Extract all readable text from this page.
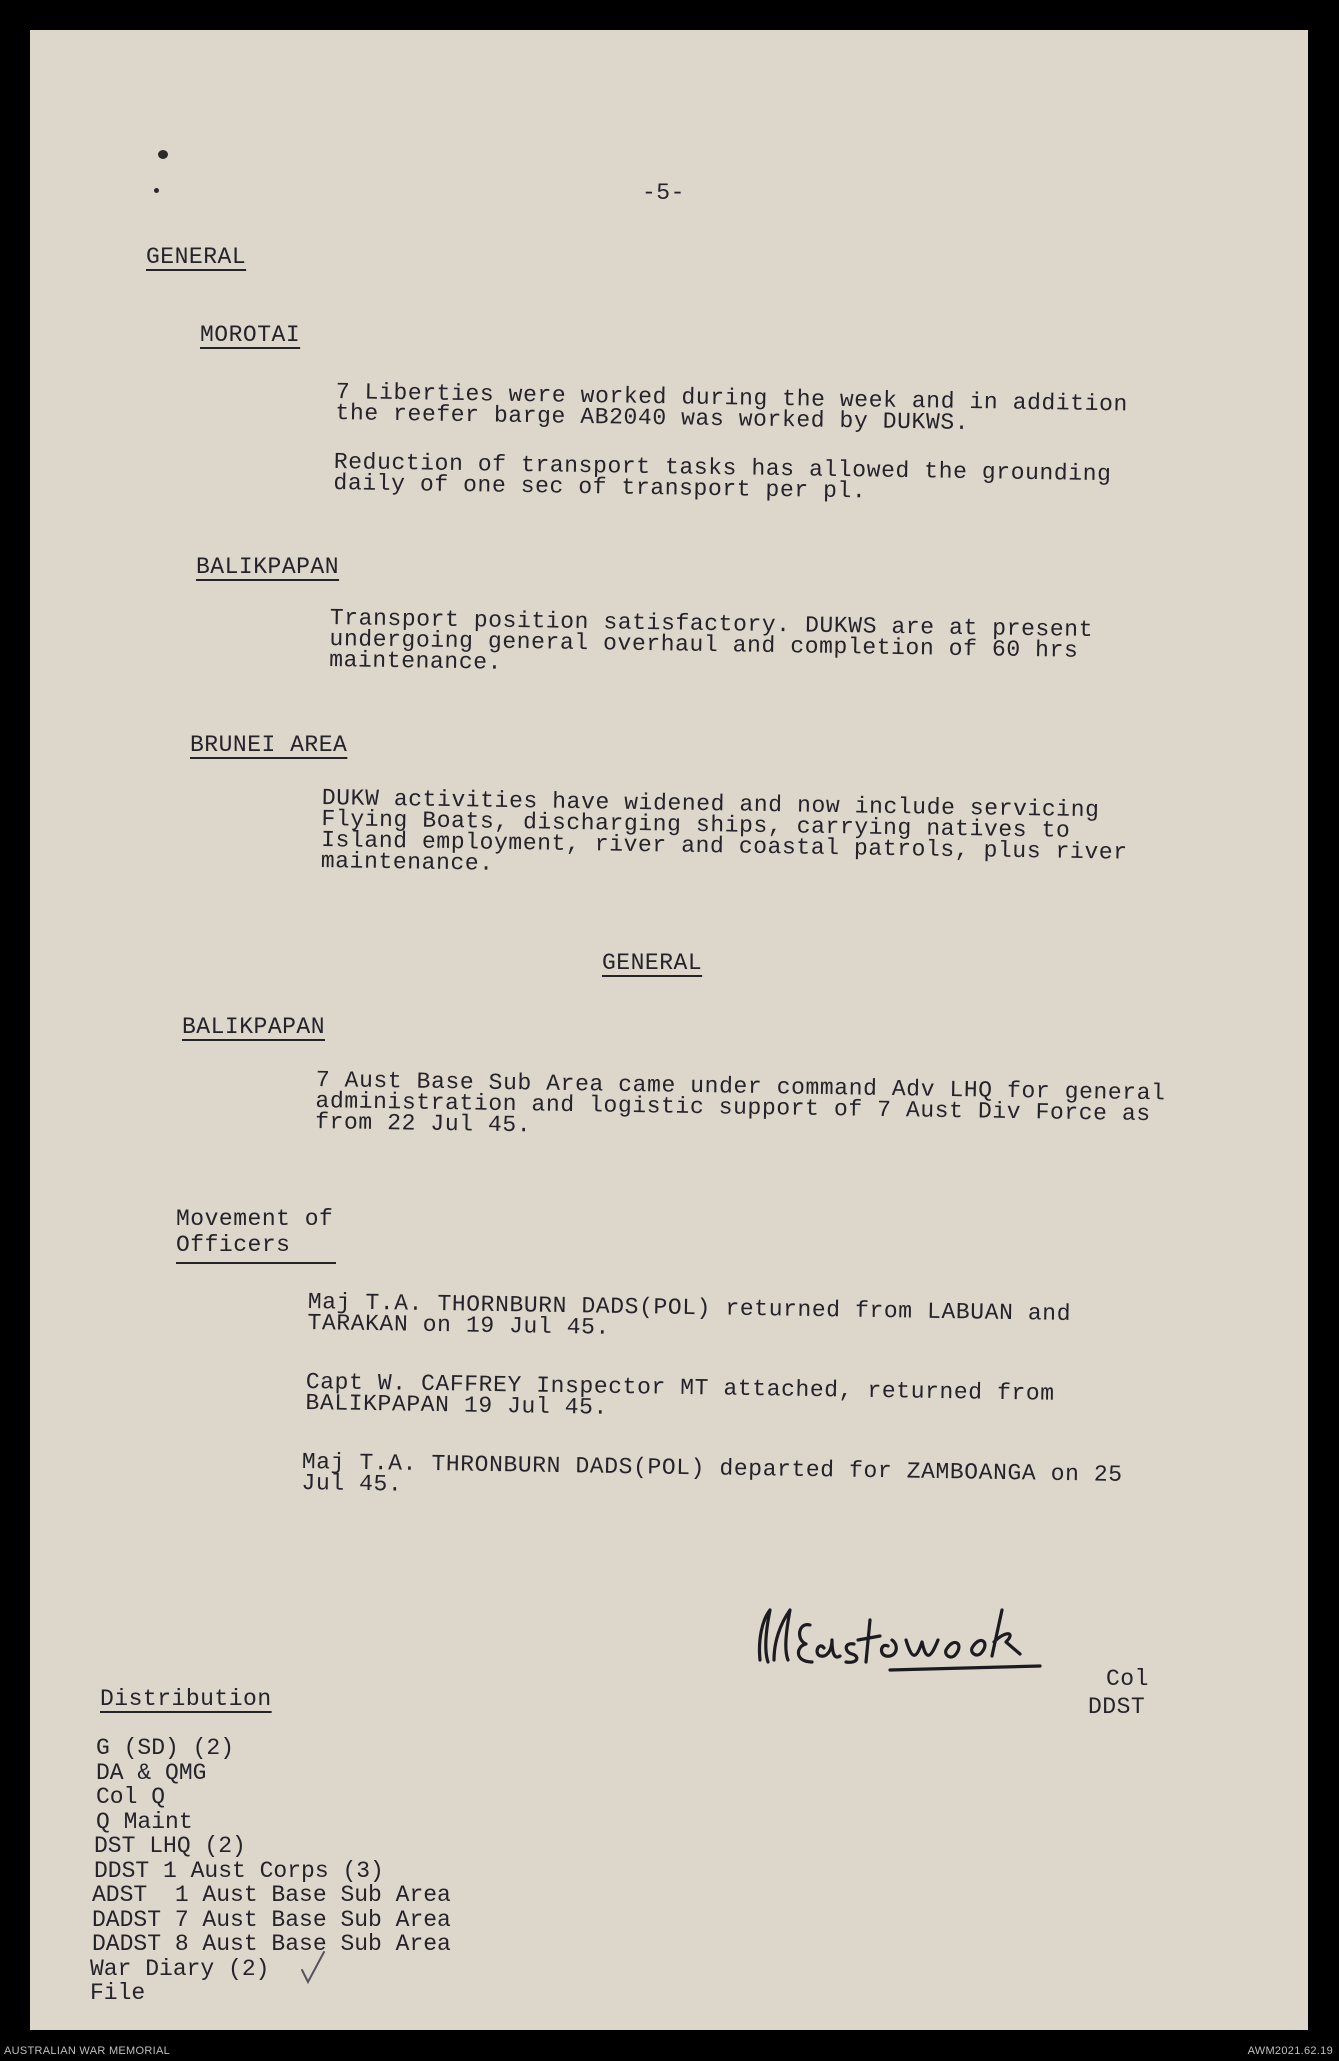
-5-
GENERAL
MOROTAI
7 Liberties were worked during the week and in addition
the reefer barge AB2040 was worked by DUKWS.
Reduction of transport tasks has allowed the grounding
daily of one sec of transport per pl.
BALIKPAPAN
Transport position satisfactory. DUKWS are at present
undergoing general overhaul and completion of 60 hrs
maintenance.
BRUNEI AREA
DUKW activities have widened and now include servicing
Flying Boats, discharging ships, carrying natives to
Island employment, river and coastal patrols, plus river
maintenance.
GENERAL
BALIKPAPAN
7 Aust Base Sub Area came under command Adv LHQ for general
administration and logistic support of 7 Aust Div Force as
from 22 Jul 45.
Movement of
Officers
Maj T.A. THORNBURN DADS(POL) returned from LABUAN and
TARAKAN on 19 Jul 45.
Capt W. CAFFREY Inspector MT attached, returned from
BALIKPAPAN 19 Jul 45.
Maj T.A. THRONBURN DADS(POL) departed for ZAMBOANGA on 25
Jul 45.
Col
DDST
Distribution
G (SD) (2)
DA & QMG
Col Q
Q Maint
DST LHQ (2)
DDST 1 Aust Corps (3)
ADST  1 Aust Base Sub Area
DADST 7 Aust Base Sub Area
DADST 8 Aust Base Sub Area
War Diary (2)
File
AUSTRALIAN WAR MEMORIAL	AWM2021.62.19
